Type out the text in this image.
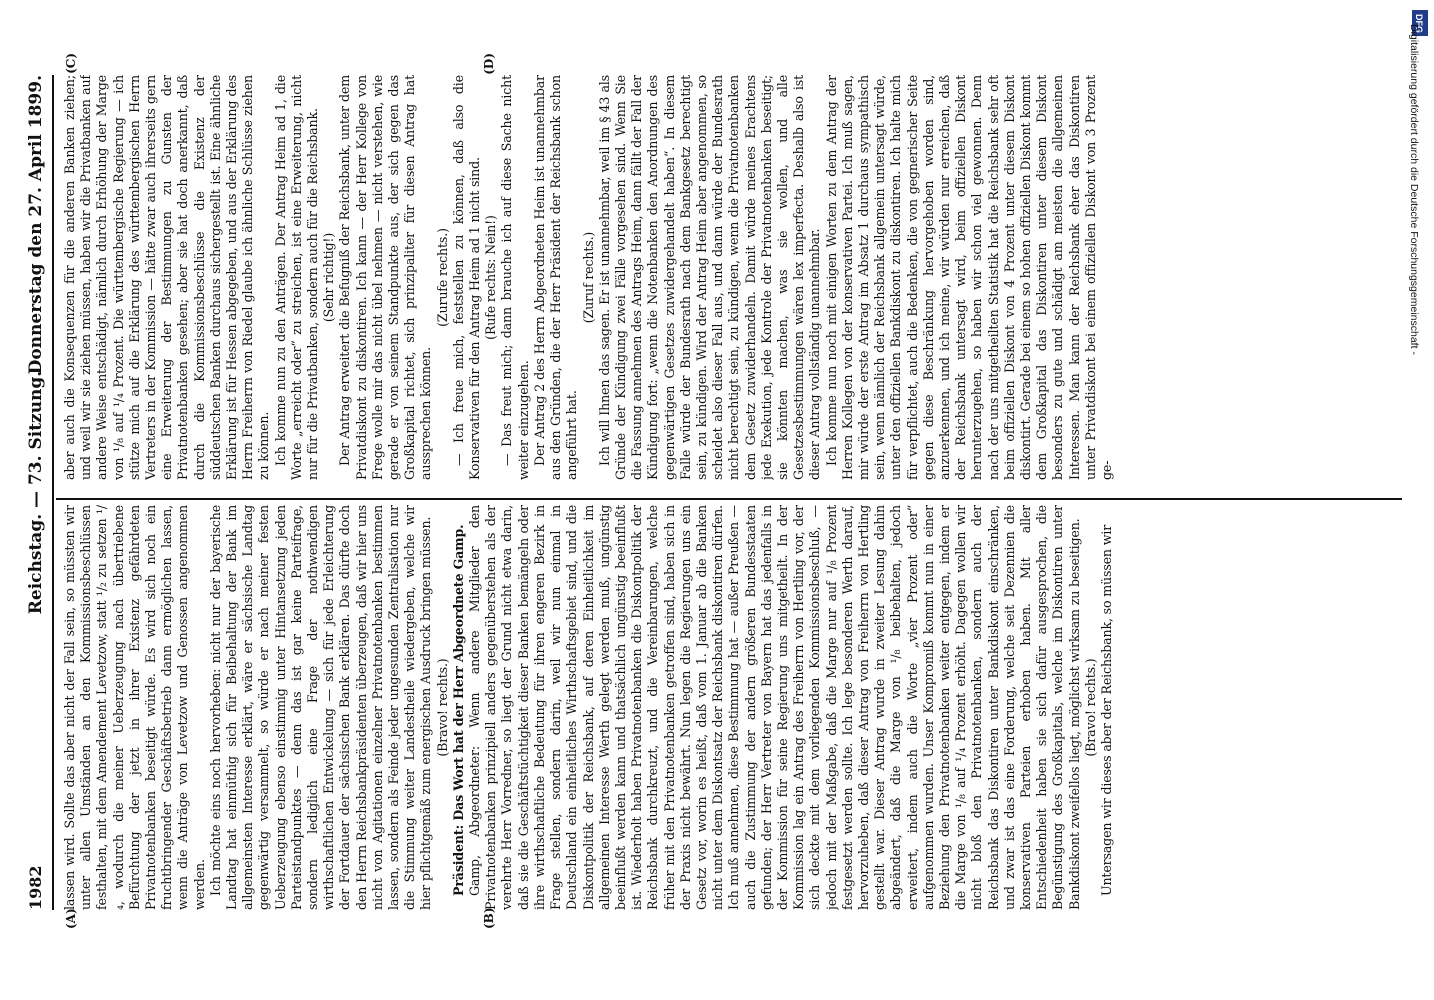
1982
Reichstag. — 73. Sitzung.
Donnerstag den 27. April 1899.
(A)	(B)
(C)	(D)

lassen wird. Sollte das aber nicht der Fall sein, so müssten wir unter allen Umständen an den Kommissionsbeschlüssen festhalten, mit dem Amendement Levetzow, statt ¹/₂ zu setzen ¹/₄, wodurch die meiner Ueberzeugung nach übertriebene Befürchtung der jetzt in ihrer Existenz gefährdeten Privatnotenbanken beseitigt würde. Es wird sich noch ein fruchtbringender Geschäftsbetrieb dann ermöglichen lassen, wenn die Anträge von Levetzow und Genossen angenommen werden. Ich möchte eins noch hervorheben: nicht nur der bayerische Landtag hat einmüthig sich für Beibehaltung der Bank im allgemeinsten Interesse erklärt, wäre er sächsische Landtag gegenwärtig versammelt, so würde er nach meiner festen Ueberzeugung ebenso einstimmig unter Hintansetzung jeden Parteistandpunktes — denn das ist gar keine Parteifrage, sondern lediglich eine Frage der nothwendigen wirthschaftlichen Entwickelung — sich für jede Erleichterung der Fortdauer der sächsischen Bank erklären. Das dürfte doch den Herrn Reichsbankpräsidenten überzeugen, daß wir hier uns nicht von Agitationen einzelner Privatnotenbanken bestimmen lassen, sondern als Feinde jeder ungesunden Zentralisation nur die Stimmung weiter Landestheile wiedergeben, welche wir hier pflichtgemäß zum energischen Ausdruck bringen müssen. (Bravo! rechts.) Präsident: Das Wort hat der Herr Abgeordnete Gamp. Gamp, Abgeordneter: Wenn andere Mitglieder den Privatnotenbanken prinzipiell anders gegenüberstehen als der verehrte Herr Vorredner, so liegt der Grund nicht etwa darin, daß sie die Geschäftstüchtigkeit dieser Banken bemängeln oder ihre wirthschaftliche Bedeutung für ihren engeren Bezirk in Frage stellen, sondern darin, weil wir nun einmal in Deutschland ein einheitliches Wirthschaftsgebiet sind, und die Diskontpolitik der Reichsbank, auf deren Einheitlichkeit im allgemeinen Interesse Werth gelegt werden muß, ungünstig beeinflußt werden kann und thatsächlich ungünstig beeinflußt ist. Wiederholt haben Privatnotenbanken die Diskontpolitik der Reichsbank durchkreuzt, und die Vereinbarungen, welche früher mit den Privatnotenbanken getroffen sind, haben sich in der Praxis nicht bewährt. Nun legen die Regierungen uns ein Gesetz vor, worin es heißt, daß vom 1. Januar ab die Banken nicht unter dem Diskontsatz der Reichsbank diskontiren dürfen. Ich muß annehmen, diese Bestimmung hat — außer Preußen — auch die Zustimmung der andern größeren Bundesstaaten gefunden; der Herr Vertreter von Bayern hat das jedenfalls in der Kommission für seine Regierung uns mitgetheilt. In der Kommission lag ein Antrag des Freiherrn von Hertling vor, der sich deckte mit dem vorliegenden Kommissionsbeschluß, — jedoch mit der Maßgabe, daß die Marge nur auf ¹/₈ Prozent festgesetzt werden sollte. Ich lege besonderen Werth darauf, hervorzuheben, daß dieser Antrag von Freiherrn von Hertling gestellt war. Dieser Antrag wurde in zweiter Lesung dahin abgeändert, daß die Marge von ¹/₈ beibehalten, jedoch erweitert, indem auch die Worte „vier Prozent oder“ aufgenommen wurden. Unser Kompromiß kommt nun in einer Beziehung den Privatnotenbanken weiter entgegen, indem er die Marge von ¹/₈ auf ¹/₄ Prozent erhöht. Dagegen wollen wir nicht bloß den Privatnotenbanken, sondern auch der Reichsbank das Diskontiren unter Bankdiskont einschränken, und zwar ist das eine Forderung, welche seit Dezennien die konservativen Parteien erhoben haben. Mit aller Entschiedenheit haben sie sich dafür ausgesprochen, die Begünstigung des Großkapitals, welche im Diskontiren unter Bankdiskont zweifellos liegt, möglichst wirksam zu beseitigen. (Bravo! rechts.) Untersagen wir dieses aber der Reichsbank, so müssen wir

aber auch die Konsequenzen für die anderen Banken ziehen; und weil wir sie ziehen müssen, haben wir die Privatbanken auf andere Weise entschädigt, nämlich durch Erhöhung der Marge von ¹/₈ auf ¹/₄ Prozent. Die württembergische Regierung — ich stütze mich auf die Erklärung des württembergischen Herrn Vertreters in der Kommission — hätte zwar auch ihrerseits gern eine Erweiterung der Bestimmungen zu Gunsten der Privatnotenbanken gesehen; aber sie hat doch anerkannt, daß durch die Kommissionsbeschlüsse die Existenz der süddeutschen Banken durchaus sichergestellt ist. Eine ähnliche Erklärung ist für Hessen abgegeben, und aus der Erklärung des Herrn Freiherrn von Riedel glaube ich ähnliche Schlüsse ziehen zu können. Ich komme nun zu den Anträgen. Der Antrag Heim ad 1, die Worte „erreicht oder“ zu streichen, ist eine Erweiterung, nicht nur für die Privatbanken, sondern auch für die Reichsbank. (Sehr richtig!) Der Antrag erweitert die Befugniß der Reichsbank, unter dem Privatdiskont zu diskontiren. Ich kann — der Herr Kollege von Frege wolle mir das nicht übel nehmen — nicht verstehen, wie gerade er von seinem Standpunkte aus, der sich gegen das Großkapital richtet, sich prinzipaliter für diesen Antrag hat aussprechen können.

(Zurufe rechts.) — Ich freue mich, feststellen zu können, daß also die Konservativen für den Antrag Heim ad 1 nicht sind. (Rufe rechts: Nein!) — Das freut mich; dann brauche ich auf diese Sache nicht weiter einzugehen. Der Antrag 2 des Herrn Abgeordneten Heim ist unannehmbar aus den Gründen, die der Herr Präsident der Reichsbank schon angeführt hat.

(Zuruf rechts.) Ich will Ihnen das sagen. Er ist unannehmbar, weil im § 43 als Gründe der Kündigung zwei Fälle vorgesehen sind. Wenn Sie die Fassung annehmen des Antrags Heim, dann fällt der Fall der Kündigung fort: „wenn die Notenbanken den Anordnungen des gegenwärtigen Gesetzes zuwidergehandelt haben“. In diesem Falle würde der Bundesrath nach dem Bankgesetz berechtigt sein, zu kündigen. Wird der Antrag Heim aber angenommen, so scheidet also dieser Fall aus, und dann würde der Bundesrath nicht berechtigt sein, zu kündigen, wenn die Privatnotenbanken dem Gesetz zuwiderhandeln. Damit würde meines Erachtens jede Exekution, jede Kontrole der Privatnotenbanken beseitigt; sie könnten machen, was sie wollen, und alle Gesetzesbestimmungen wären lex imperfecta. Deshalb also ist dieser Antrag vollständig unannehmbar. Ich komme nun noch mit einigen Worten zu dem Antrag der Herren Kollegen von der konservativen Partei. Ich muß sagen, mir würde der erste Antrag im Absatz 1 durchaus sympathisch sein, wenn nämlich der Reichsbank allgemein untersagt würde, unter den offiziellen Bankdiskont zu diskontiren. Ich halte mich für verpflichtet, auch die Bedenken, die von gegnerischer Seite gegen diese Beschränkung hervorgehoben worden sind, anzuerkennen, und ich meine, wir würden nur erreichen, daß der Reichsbank untersagt wird, beim offiziellen Diskont herunterzugehen, so haben wir schon viel gewonnen. Denn nach der uns mitgetheilten Statistik hat die Reichsbank sehr oft beim offiziellen Diskont von 4 Prozent unter diesem Diskont diskontirt. Gerade bei einem so hohen offiziellen Diskont kommt dem Großkapital das Diskontiren unter diesem Diskont besonders zu gute und schädigt am meisten die allgemeinen Interessen. Man kann der Reichsbank eher das Diskontiren unter Privatdiskont bei einem offiziellen Diskont von 3 Prozent ge-

DFG
Digitalisierung gefördert durch die Deutsche Forschungsgemeinschaft -
